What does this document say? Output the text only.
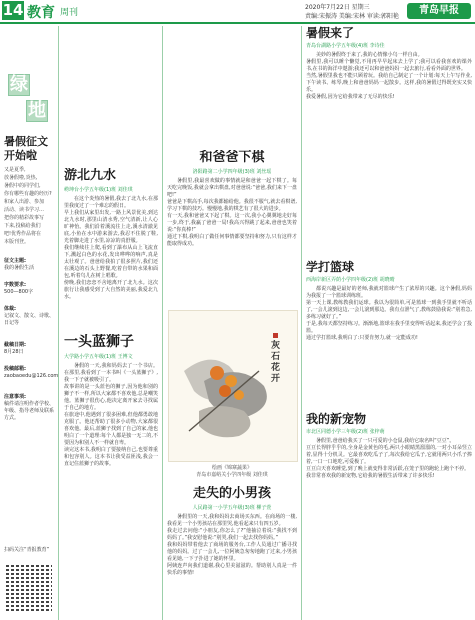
14 教育 周刊
2020年7月22日 星期三
责编:宋振涛 美编:宋林 审读:郭阳艳
青岛早报
绿
地
暑假征文
开始啦
又是夏季,
放暑假啦,炎热,
暑假中的同学们,
你有哪些有趣的经历?
和家人出游、参加
活动、读书学习…
把你的精彩故事写
下来,投稿给我们
吧!优秀作品将在
本版刊登。
征文主题:
我的暑假生活
字数要求:
500—800字
体裁:
记叙文、散文、诗歌、日记等
截稿日期:
8月28日
投稿邮箱:
zaobaoedu@126.com
注意事项:
稿件请注明作者学校、年级、指导老师及联系方式。
扫码关注“青报教育”
游北九水
崂坤台小学五年级(1)班 刘佳琪
在这个炎热的暑假,我去了北九水,在那里我度过了一个难忘的假日。
早上我们从家里出发,一路上风景优美,到达北九水时,那里山清水秀,空气清新,让人心旷神怡。我们沿着溪流往上走,溪水清澈见底,小鱼在水中游来游去,我忍不住脱了鞋,光着脚走进了水里,凉凉的真舒服。
我们继续往上爬,看到了瀑布从山上飞流直下,溅起白色的水花,发出哗哗的响声,真是太壮观了。爸爸给我拍了很多照片,我们还在溪边的石头上野餐,吃着自带的水果和面包,听着鸟儿在树上唱歌。
傍晚,我们恋恋不舍地离开了北九水。这次旅行让我感受到了大自然的美丽,我爱北九水。
一头蓝狮子
大学路小学五年级(1)班 王博文
暑假的一天,我和妈妈去了一个书店。在那里,我看到了一本书叫《一头蓝狮子》,我一下子就被吸引了。
故事讲的是一头蓝色的狮子,因为他和别的狮子不一样,所以大家都不喜欢他,总是嘲笑他。蓝狮子很伤心,他决定离开家去寻找属于自己的地方。
在旅途中,他遇到了很多困难,但他都勇敢地克服了。他还帮助了很多小动物,大家都很喜欢他。最后,蓝狮子找到了自己的家,他也明白了一个道理:每个人都是独一无二的,不要因为和别人不一样就自卑。
读完这本书,我明白了要接纳自己,也要尊重和包容别人。这本书让我受益匪浅,我会一直记住蓝狮子的故事。
和爸爸下棋
洛阳路第二小学四年级(3)班 刘丝瑶
暑假里,我最喜欢做的事情就是和爸爸一起下棋了。每天吃完晚饭,我就会拿出棋盘,对爸爸说:“爸爸,我们来下一盘吧!”
爸爸是下棋高手,每次我都输给他。我很不服气,就去看棋谱,学习下棋的技巧。慢慢地,我的棋艺有了很大的进步。
有一天,我和爸爸又下起了棋。这一次,我小心翼翼地走好每一步,终于,我赢了爸爸一局!我高兴得跳了起来,爸爸也笑着说:“你真棒!”
通过下棋,我明白了做任何事情都要坚持和努力,只有这样才能取得成功。
灰石花开
绘画《锦寨蔬果》
青岛市嘉峪关小学四年级 刘佳琪
走失的小男孩
人民路第一小学五年级(3)班 柳子萱
暑假里的一天,我和妈妈去商场买东西。在商场的一楼,我看见一个小男孩站在那里哭,他看起来只有四五岁。
我走过去问他:“小朋友,你怎么了?”他抽泣着说:“我找不到妈妈了。”我安慰他说:“别哭,我们一起去找你妈妈。”
我和妈妈带着他去了商场的服务台,工作人员通过广播寻找他的妈妈。过了一会儿,一位阿姨急匆匆地跑了过来,小男孩看见她,一下子扑进了她的怀里。
阿姨连声向我们道谢,我心里美滋滋的。帮助别人真是一件快乐的事情!
暑假来了
青岛台湖路小学五年级(4)班 李诗佳
美妙的暑假终于来了,我的心情像小鸟一样自由。
暑假里,我可以睡个懒觉,不用再早早起床去上学了;我可以看我喜欢的课外书,在书的海洋中遨游;我还可以和爸爸妈妈一起去旅行,看看外面的世界。
当然,暑假里我也不能只顾着玩。我给自己制定了一个计划:每天上午写作业,下午读书、练琴,晚上和爸爸妈妈一起散步。这样,我的暑假过得既充实又快乐。
我爱暑假,因为它给我带来了无尽的快乐!
学打篮球
西海岸新区弄荫小学四年级(2)班 胡晓晴
都说兴趣是最好的老师,我就对篮球产生了浓厚的兴趣。这个暑假,妈妈为我报了一个篮球训练班。
第一天上课,教练教我们运球。我以为很简单,可是篮球一到我手里就不听话了,一会儿滚到这边,一会儿滚到那边。我有点泄气了,教练鼓励我说:“别着急,多练习就好了。”
于是,我每天都坚持练习。渐渐地,篮球在我手里变得听话起来,我还学会了投篮。
通过学打篮球,我明白了:只要肯努力,就一定能成功!
我的新宠物
市北区同德小学三年级(2)班 张梓萌
暑假里,爸爸给我买了一只可爱的小仓鼠,我给它取名叫“豆豆”。
豆豆长得胖乎乎的,全身是金黄色的毛,两只小眼睛黑溜溜的,一对小耳朵竖立着,显得十分机灵。它最喜欢吃瓜子了,每次我给它瓜子,它就用两只小爪子捧着,一口一口地吃,可爱极了。
豆豆白天喜欢睡觉,到了晚上就变得非常活跃,在笼子里的跑轮上跑个不停。
我非常喜欢我的新宠物,它给我的暑假生活带来了许多快乐!
